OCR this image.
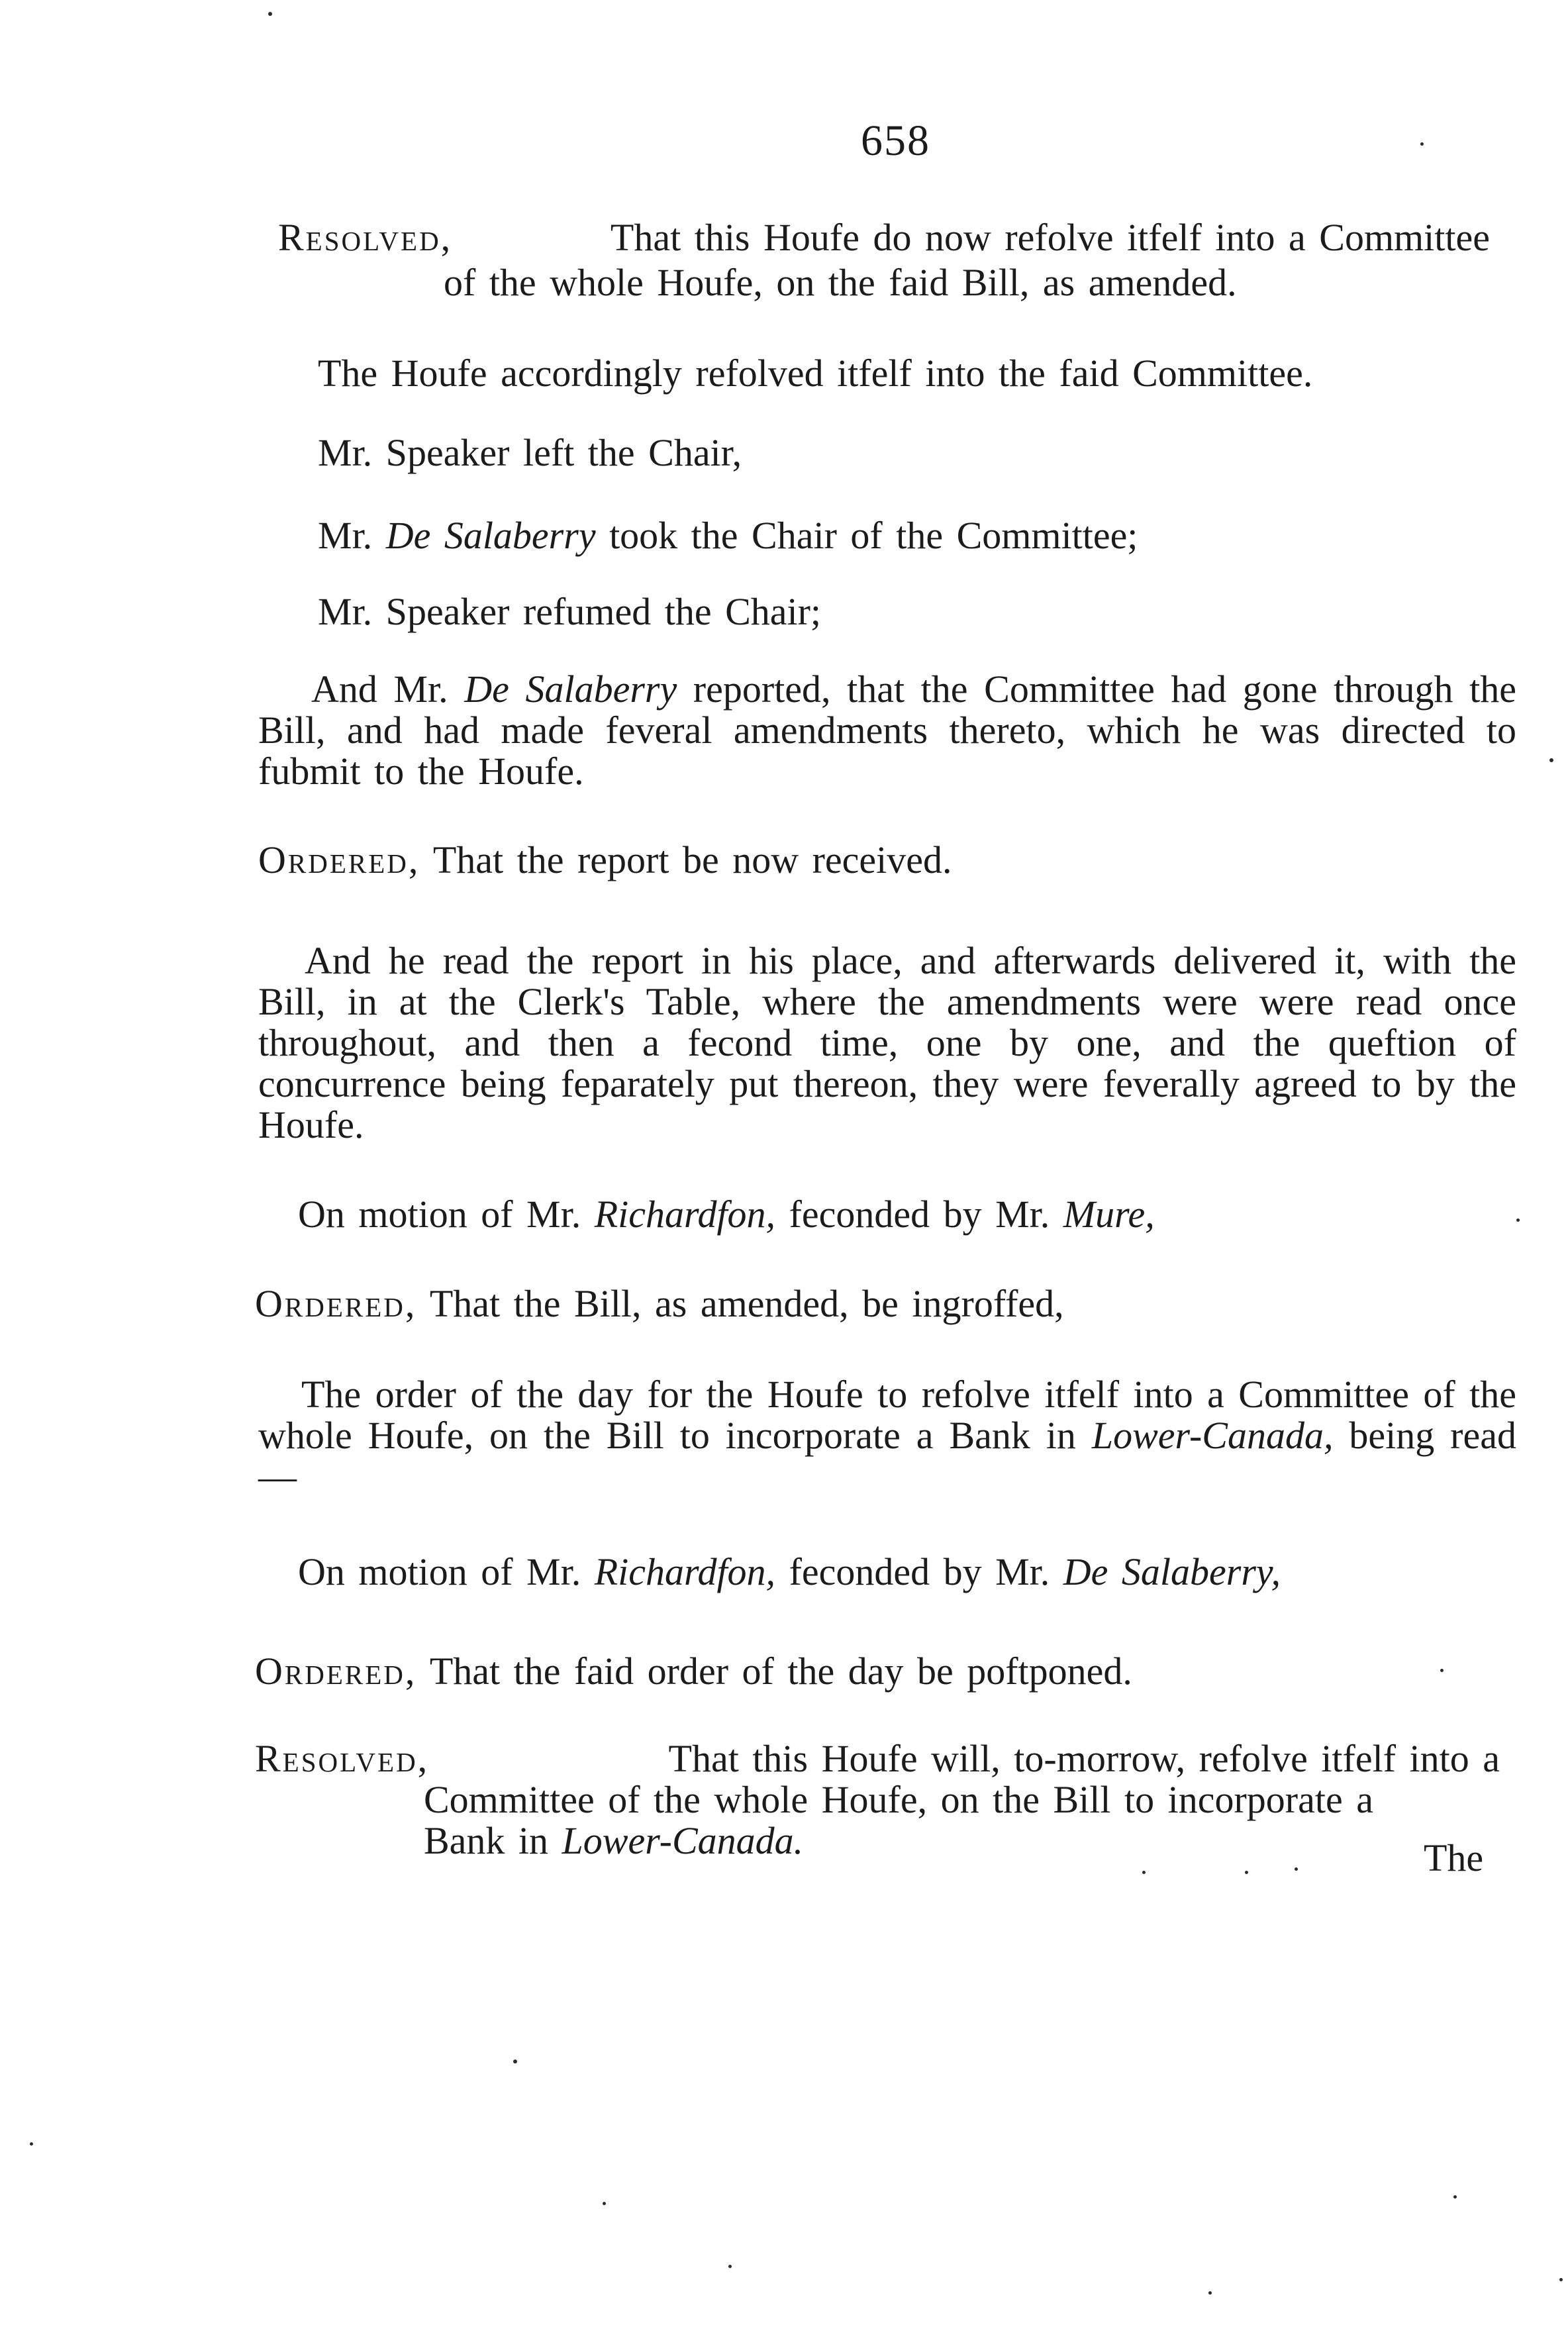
658
Resolved,	That this Houfe do now refolve itfelf into a Committee
of the whole Houfe, on the faid Bill, as amended.
The Houfe accordingly refolved itfelf into the faid Committee.
Mr. Speaker left the Chair,
Mr. De Salaberry took the Chair of the Committee;
Mr. Speaker refumed the Chair;
And Mr. De Salaberry reported, that the Committee had gone through the Bill, and had made feveral amendments thereto, which he was directed to fubmit to the Houfe.
Ordered, That the report be now received.
And he read the report in his place, and afterwards delivered it, with the Bill, in at the Clerk's Table, where the amendments were were read once throughout, and then a fecond time, one by one, and the queftion of concurrence being feparately put thereon, they were feverally agreed to by the Houfe.
On motion of Mr. Richardfon, feconded by Mr. Mure,
Ordered, That the Bill, as amended, be ingroffed,
The order of the day for the Houfe to refolve itfelf into a Committee of the whole Houfe, on the Bill to incorporate a Bank in Lower-Canada, being read—
On motion of Mr. Richardfon, feconded by Mr. De Salaberry,
Ordered, That the faid order of the day be poftponed.
Resolved,	That this Houfe will, to-morrow, refolve itfelf into a
Committee of the whole Houfe, on the Bill to incorporate a
Bank in Lower-Canada.	The
